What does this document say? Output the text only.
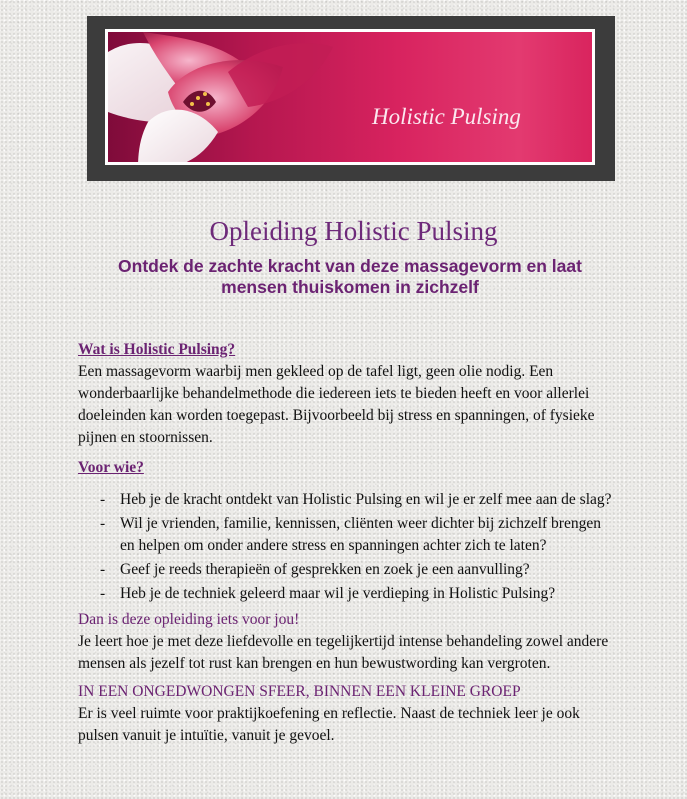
Holistic Pulsing
Opleiding Holistic Pulsing
Ontdek de zachte kracht van deze massagevorm en laat mensen thuiskomen in zichzelf

Wat is Holistic Pulsing?

Een massagevorm waarbij men gekleed op de tafel ligt, geen olie nodig. Een wonderbaarlijke behandelmethode die iedereen iets te bieden heeft en voor allerlei doeleinden kan worden toegepast. Bijvoorbeeld bij stress en spanningen, of fysieke pijnen en stoornissen.

Voor wie?

- Heb je de kracht ontdekt van Holistic Pulsing en wil je er zelf mee aan de slag?
- Wil je vrienden, familie, kennissen, cliënten weer dichter bij zichzelf brengen en helpen om onder andere stress en spanningen achter zich te laten?
- Geef je reeds therapieën of gesprekken en zoek je een aanvulling?
- Heb je de techniek geleerd maar wil je verdieping in Holistic Pulsing?

Dan is deze opleiding iets voor jou!

Je leert hoe je met deze liefdevolle en tegelijkertijd intense behandeling zowel andere mensen als jezelf tot rust kan brengen en hun bewustwording kan vergroten.

IN EEN ONGEDWONGEN SFEER, BINNEN EEN KLEINE GROEP

Er is veel ruimte voor praktijkoefening en reflectie. Naast de techniek leer je ook pulsen vanuit je intuïtie, vanuit je gevoel.
